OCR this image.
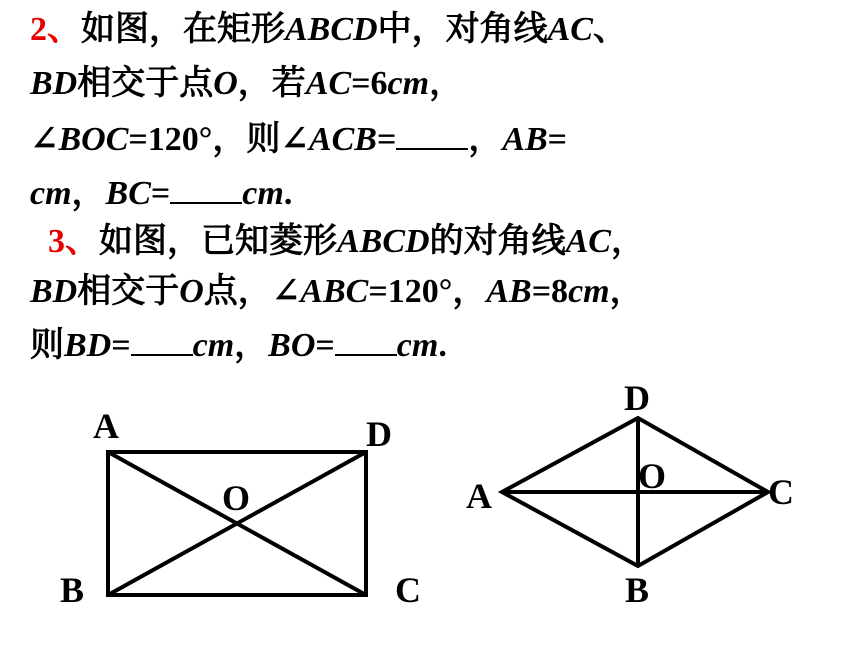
2、如图，在矩形ABCD中，对角线AC、
BD相交于点O，若AC=6cm，
∠BOC=120°，则∠ACB= ，AB=
cm，BC= cm.
3、如图，已知菱形ABCD的对角线AC，
BD相交于O点，∠ABC=120°，AB=8cm，
则BD= cm，BO= cm.
A	D
O
B	C
D
O
A	C
B
